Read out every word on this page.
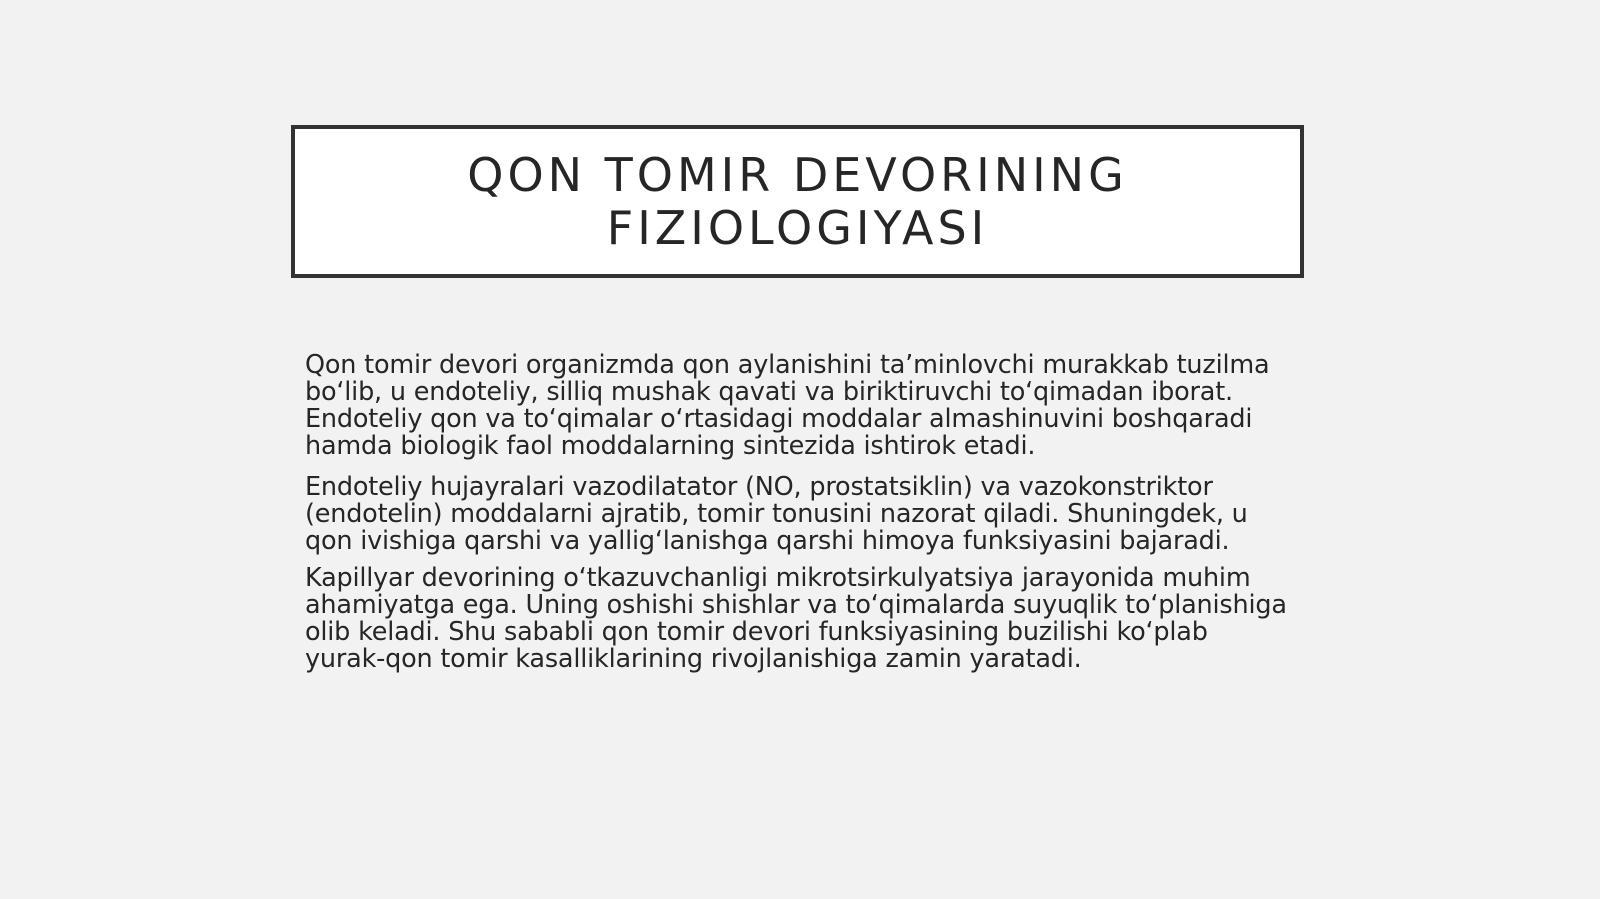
QON TOMIR DEVORINING FIZIOLOGIYASI

Qon tomir devori organizmda qon aylanishini ta’minlovchi murakkab tuzilma bo‘lib, u endoteliy, silliq mushak qavati va biriktiruvchi to‘qimadan iborat. Endoteliy qon va to‘qimalar o‘rtasidagi moddalar almashinuvini boshqaradi hamda biologik faol moddalarning sintezida ishtirok etadi.

Endoteliy hujayralari vazodilatator (NO, prostatsiklin) va vazokonstriktor (endotelin) moddalarni ajratib, tomir tonusini nazorat qiladi. Shuningdek, u qon ivishiga qarshi va yallig‘lanishga qarshi himoya funksiyasini bajaradi.

Kapillyar devorining o‘tkazuvchanligi mikrotsirkulyatsiya jarayonida muhim ahamiyatga ega. Uning oshishi shishlar va to‘qimalarda suyuqlik to‘planishiga olib keladi. Shu sababli qon tomir devori funksiyasining buzilishi ko‘plab yurak-qon tomir kasalliklarining rivojlanishiga zamin yaratadi.
